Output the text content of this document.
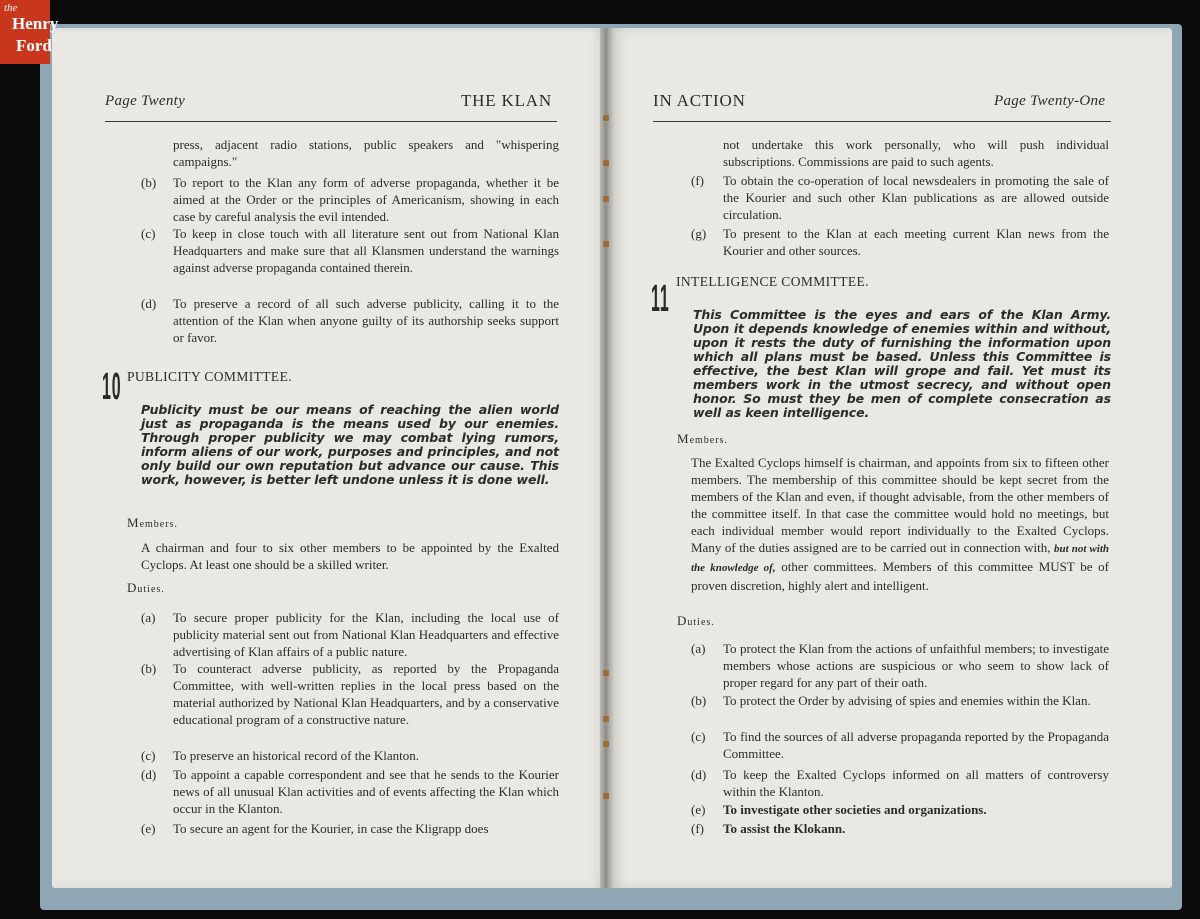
Page Twenty	THE KLAN
press, adjacent radio stations, public speakers and "whispering campaigns."
(b) To report to the Klan any form of adverse propaganda, whether it be aimed at the Order or the principles of Americanism, showing in each case by careful analysis the evil intended.
(c) To keep in close touch with all literature sent out from National Klan Headquarters and make sure that all Klansmen understand the warnings against adverse propaganda contained therein.
(d) To preserve a record of all such adverse publicity, calling it to the attention of the Klan when anyone guilty of its authorship seeks support or favor.
10 PUBLICITY COMMITTEE.
Publicity must be our means of reaching the alien world just as propaganda is the means used by our enemies. Through proper publicity we may combat lying rumors, inform aliens of our work, purposes and principles, and not only build our own reputation but advance our cause. This work, however, is better left undone unless it is done well.
Members.
A chairman and four to six other members to be appointed by the Exalted Cyclops. At least one should be a skilled writer.
Duties.
(a) To secure proper publicity for the Klan, including the local use of publicity material sent out from National Klan Headquarters and effective advertising of Klan affairs of a public nature.
(b) To counteract adverse publicity, as reported by the Propaganda Committee, with well-written replies in the local press based on the material authorized by National Klan Headquarters, and by a conservative educational program of a constructive nature.
(c) To preserve an historical record of the Klanton.
(d) To appoint a capable correspondent and see that he sends to the Kourier news of all unusual Klan activities and of events affecting the Klan which occur in the Klanton.
(e) To secure an agent for the Kourier, in case the Kligrapp does
IN ACTION	Page Twenty-One
not undertake this work personally, who will push individual subscriptions. Commissions are paid to such agents.
(f) To obtain the co-operation of local newsdealers in promoting the sale of the Kourier and such other Klan publications as are allowed outside circulation.
(g) To present to the Klan at each meeting current Klan news from the Kourier and other sources.
11 INTELLIGENCE COMMITTEE.
This Committee is the eyes and ears of the Klan Army. Upon it depends knowledge of enemies within and without, upon it rests the duty of furnishing the information upon which all plans must be based. Unless this Committee is effective, the best Klan will grope and fail. Yet must its members work in the utmost secrecy, and without open honor. So must they be men of complete consecration as well as keen intelligence.
Members.
The Exalted Cyclops himself is chairman, and appoints from six to fifteen other members. The membership of this committee should be kept secret from the members of the Klan and even, if thought advisable, from the other members of the committee itself. In that case the committee would hold no meetings, but each individual member would report individually to the Exalted Cyclops. Many of the duties assigned are to be carried out in connection with, but not with the knowledge of, other committees. Members of this committee MUST be of proven discretion, highly alert and intelligent.
Duties.
(a) To protect the Klan from the actions of unfaithful members; to investigate members whose actions are suspicious or who seem to show lack of proper regard for any part of their oath.
(b) To protect the Order by advising of spies and enemies within the Klan.
(c) To find the sources of all adverse propaganda reported by the Propaganda Committee.
(d) To keep the Exalted Cyclops informed on all matters of controversy within the Klanton.
(e) To investigate other societies and organizations.
(f) To assist the Klokann.
the
Henry
Ford
